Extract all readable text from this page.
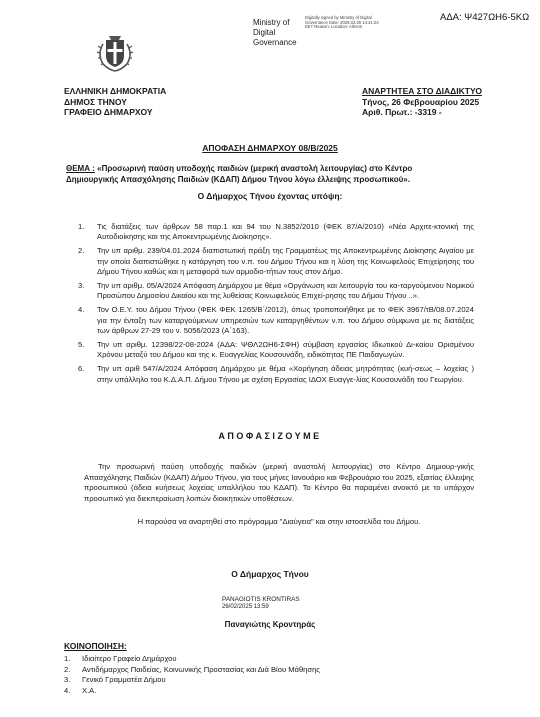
ΑΔΑ: Ψ427ΩΗ6-5ΚΩ
Ministry of
Digital
Governance
Digitally signed by Ministry of Digital Governance Date: 2025.02.26 14:41:23 EET Reason: Location: Athens
ΕΛΛΗΝΙΚΗ ΔΗΜΟΚΡΑΤΙΑ
ΔΗΜΟΣ ΤΗΝΟΥ
ΓΡΑΦΕΙΟ ΔΗΜΑΡΧΟΥ
ΑΝΑΡΤΗΤΕΑ ΣΤΟ ΔΙΑΔΙΚΤΥΟ
Τήνος, 26 Φεβρουαρίου 2025
Αριθ. Πρωτ.: -3319 -
ΑΠΟΦΑΣΗ ΔΗΜΑΡΧΟΥ 08/Β/2025
ΘΕΜΑ : «Προσωρινή παύση υποδοχής παιδιών (μερική αναστολή λειτουργίας) στο Κέντρο Δημιουργικής Απασχόλησης Παιδιών (ΚΔΑΠ) Δήμου Τήνου λόγω έλλειψης προσωπικού».
Ο Δήμαρχος Τήνου έχοντας υπόψη:
1. Τις διατάξεις των άρθρων 58 παρ.1 και 94 του Ν.3852/2010 (ΦΕΚ 87/Α/2010) «Νέα Αρχιτε-κτονική της Αυτοδιοίκησης και της Αποκεντρωμένης Διοίκησης».
2. Την υπ αριθμ. 239/04.01.2024 διαπιστωτική πράξη της Γραμματέως της Αποκεντρωμένης Διοίκησης Αιγαίου με την οποία διαπιστώθηκε η κατάργηση του ν.π. του Δήμου Τήνου και η λύση της Κοινωφελούς Επιχείρησης του Δήμου Τήνου καθώς και η μεταφορά των αρμοδιο-τήτων τους στον Δήμο.
3. Την υπ αριθμ. 05/Α/2024 Απόφαση Δημάρχου με θέμα «Οργάνωση και λειτουργία του κα-ταργούμενου Νομικού Προσώπου Δημοσίου Δικαίου και της λυθείσας Κοινωφελούς Επιχεί-ρησης του Δήμου Τήνου ..».
4. Τον Ο.Ε.Υ. του Δήμου Τήνου (ΦΕΚ ΦΕΚ 1265/Β΄/2012), όπως τροποποιήθηκε με το ΦΕΚ 3967/τΒ/08.07.2024 για την ένταξη των καταργούμενων υπηρεσιών των καταργηθέντων ν.π. του Δήμου σύμφωνα με τις διατάξεις των άρθρων 27-29 του ν. 5056/2023 (Α΄163).
5. Την υπ αριθμ. 12398/22-08-2024 (ΑΔΑ: ΨΘΛ2ΩΗ6-ΣΦΗ) σύμβαση εργασίας Ιδιωτικού Δι-καίου Ορισμένου Χρόνου μεταξύ του Δήμου και της κ. Ευαγγελίας Κουσουνάδη, ειδικότητας ΠΕ Παιδαγωγών.
6. Την υπ αριθ 547/Α/2024 Απόφαση Δημάρχου με θέμα «Χορήγηση άδειας μητρότητας (κυή-σεως – λοχείας ) στην υπάλληλο του Κ.Δ.Α.Π. Δήμου Τήνου με σχέση Εργασίας ΙΔΟΧ Ευαγγε-λίας Κουσουνάδη του Γεωργίου.
ΑΠΟΦΑΣΙΖΟΥΜΕ

Την προσωρινή παύση υποδοχής παιδιών (μερική αναστολή λειτουργίας) στο Κέντρο Δημιουρ-γικής Απασχόλησης Παιδιών (ΚΔΑΠ) Δήμου Τήνου, για τους μήνες Ιανουάριο και Φεβρουάριο του 2025, εξαιτίας έλλειψης προσωπικού (άδεια κυήσεως λοχείας υπαλλήλου του ΚΔΑΠ). Το Κέντρο θα παραμένει ανοικτό με το υπάρχον προσωπικό για διεκπεραίωση λοιπών διοικητικών υποθέσεων.

Η παρούσα να αναρτηθεί στο πρόγραμμα "Διαύγεια" και στην ιστοσελίδα του Δήμου.

Ο Δήμαρχος Τήνου
PANAGIOTIS KRONTIRAS
26/02/2025 13:59
Παναγιώτης Κροντηράς
ΚΟΙΝΟΠΟΙΗΣΗ:
1. Ιδιαίτερο Γραφείο Δημάρχου
2. Αντιδήμαρχος Παιδείας, Κοινωνικής Προστασίας και Διά Βίου Μάθησης
3. Γενικό Γραμματέα Δήμου
4. Χ.Α.
